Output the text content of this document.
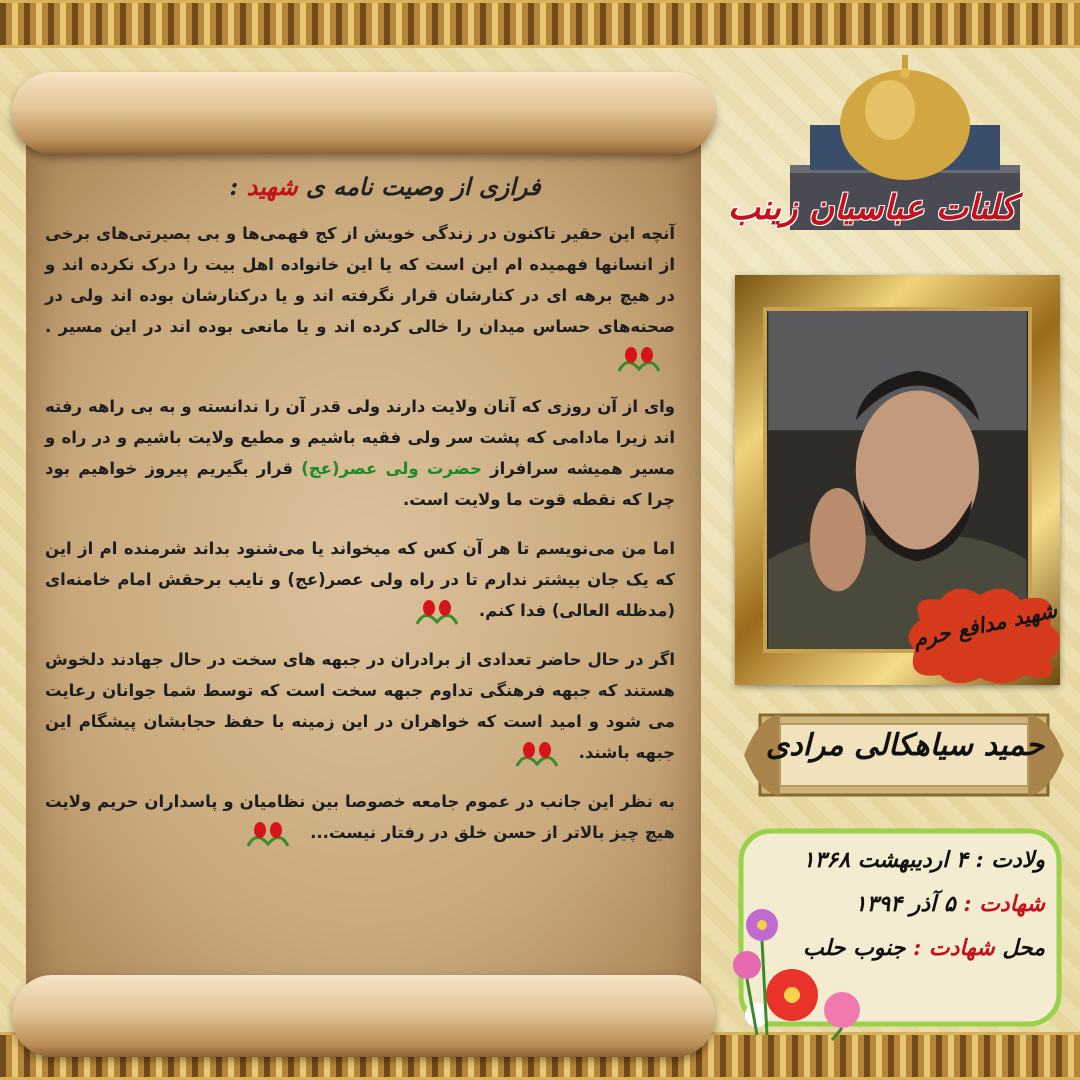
فرازی از وصیت نامه ی شهید :

آنچه این حقیر تاکنون در زندگی خویش از کج فهمی‌ها و بی بصیرتی‌های برخی از انسانها فهمیده ام این است که یا این خانواده اهل بیت را درک نکرده اند و در هیچ برهه ای در کنارشان قرار نگرفته اند و یا درکنارشان بوده اند ولی در صحنه‌های حساس میدان را خالی کرده اند و یا مانعی بوده اند در این مسیر .

وای از آن روزی که آنان ولایت دارند ولی قدر آن را ندانسته و به بی راهه رفته اند زیرا مادامی که پشت سر ولی فقیه باشیم و مطیع ولایت باشیم و در راه و مسیر همیشه سرافراز حضرت ولی عصر(عج) قرار بگیریم پیروز خواهیم بود چرا که نقطه قوت ما ولایت است.

اما من می‌نویسم تا هر آن کس که میخواند یا می‌شنود بداند شرمنده ام از این که یک جان بیشتر ندارم تا در راه ولی عصر(عج) و نایب برحقش امام خامنه‌ای (مدظله العالی) فدا کنم.

اگر در حال حاضر تعدادی از برادران در جبهه های سخت در حال جهادند دلخوش هستند که جبهه فرهنگی تداوم جبهه سخت است که توسط شما جوانان رعایت می شود و امید است که خواهران در این زمینه با حفظ حجابشان پیشگام این جبهه باشند.

به نظر این جانب در عموم جامعه خصوصا بین نظامیان و پاسداران حریم ولایت هیچ چیز بالاتر از حسن خلق در رفتار نیست...

کلنات عباسیان زینب
شهید مدافع حرم
حمید سیاهکالی مرادی
ولادت : ۴ اردیبهشت ۱۳۶۸
شهادت : ۵ آذر ۱۳۹۴
محل شهادت : جنوب حلب
